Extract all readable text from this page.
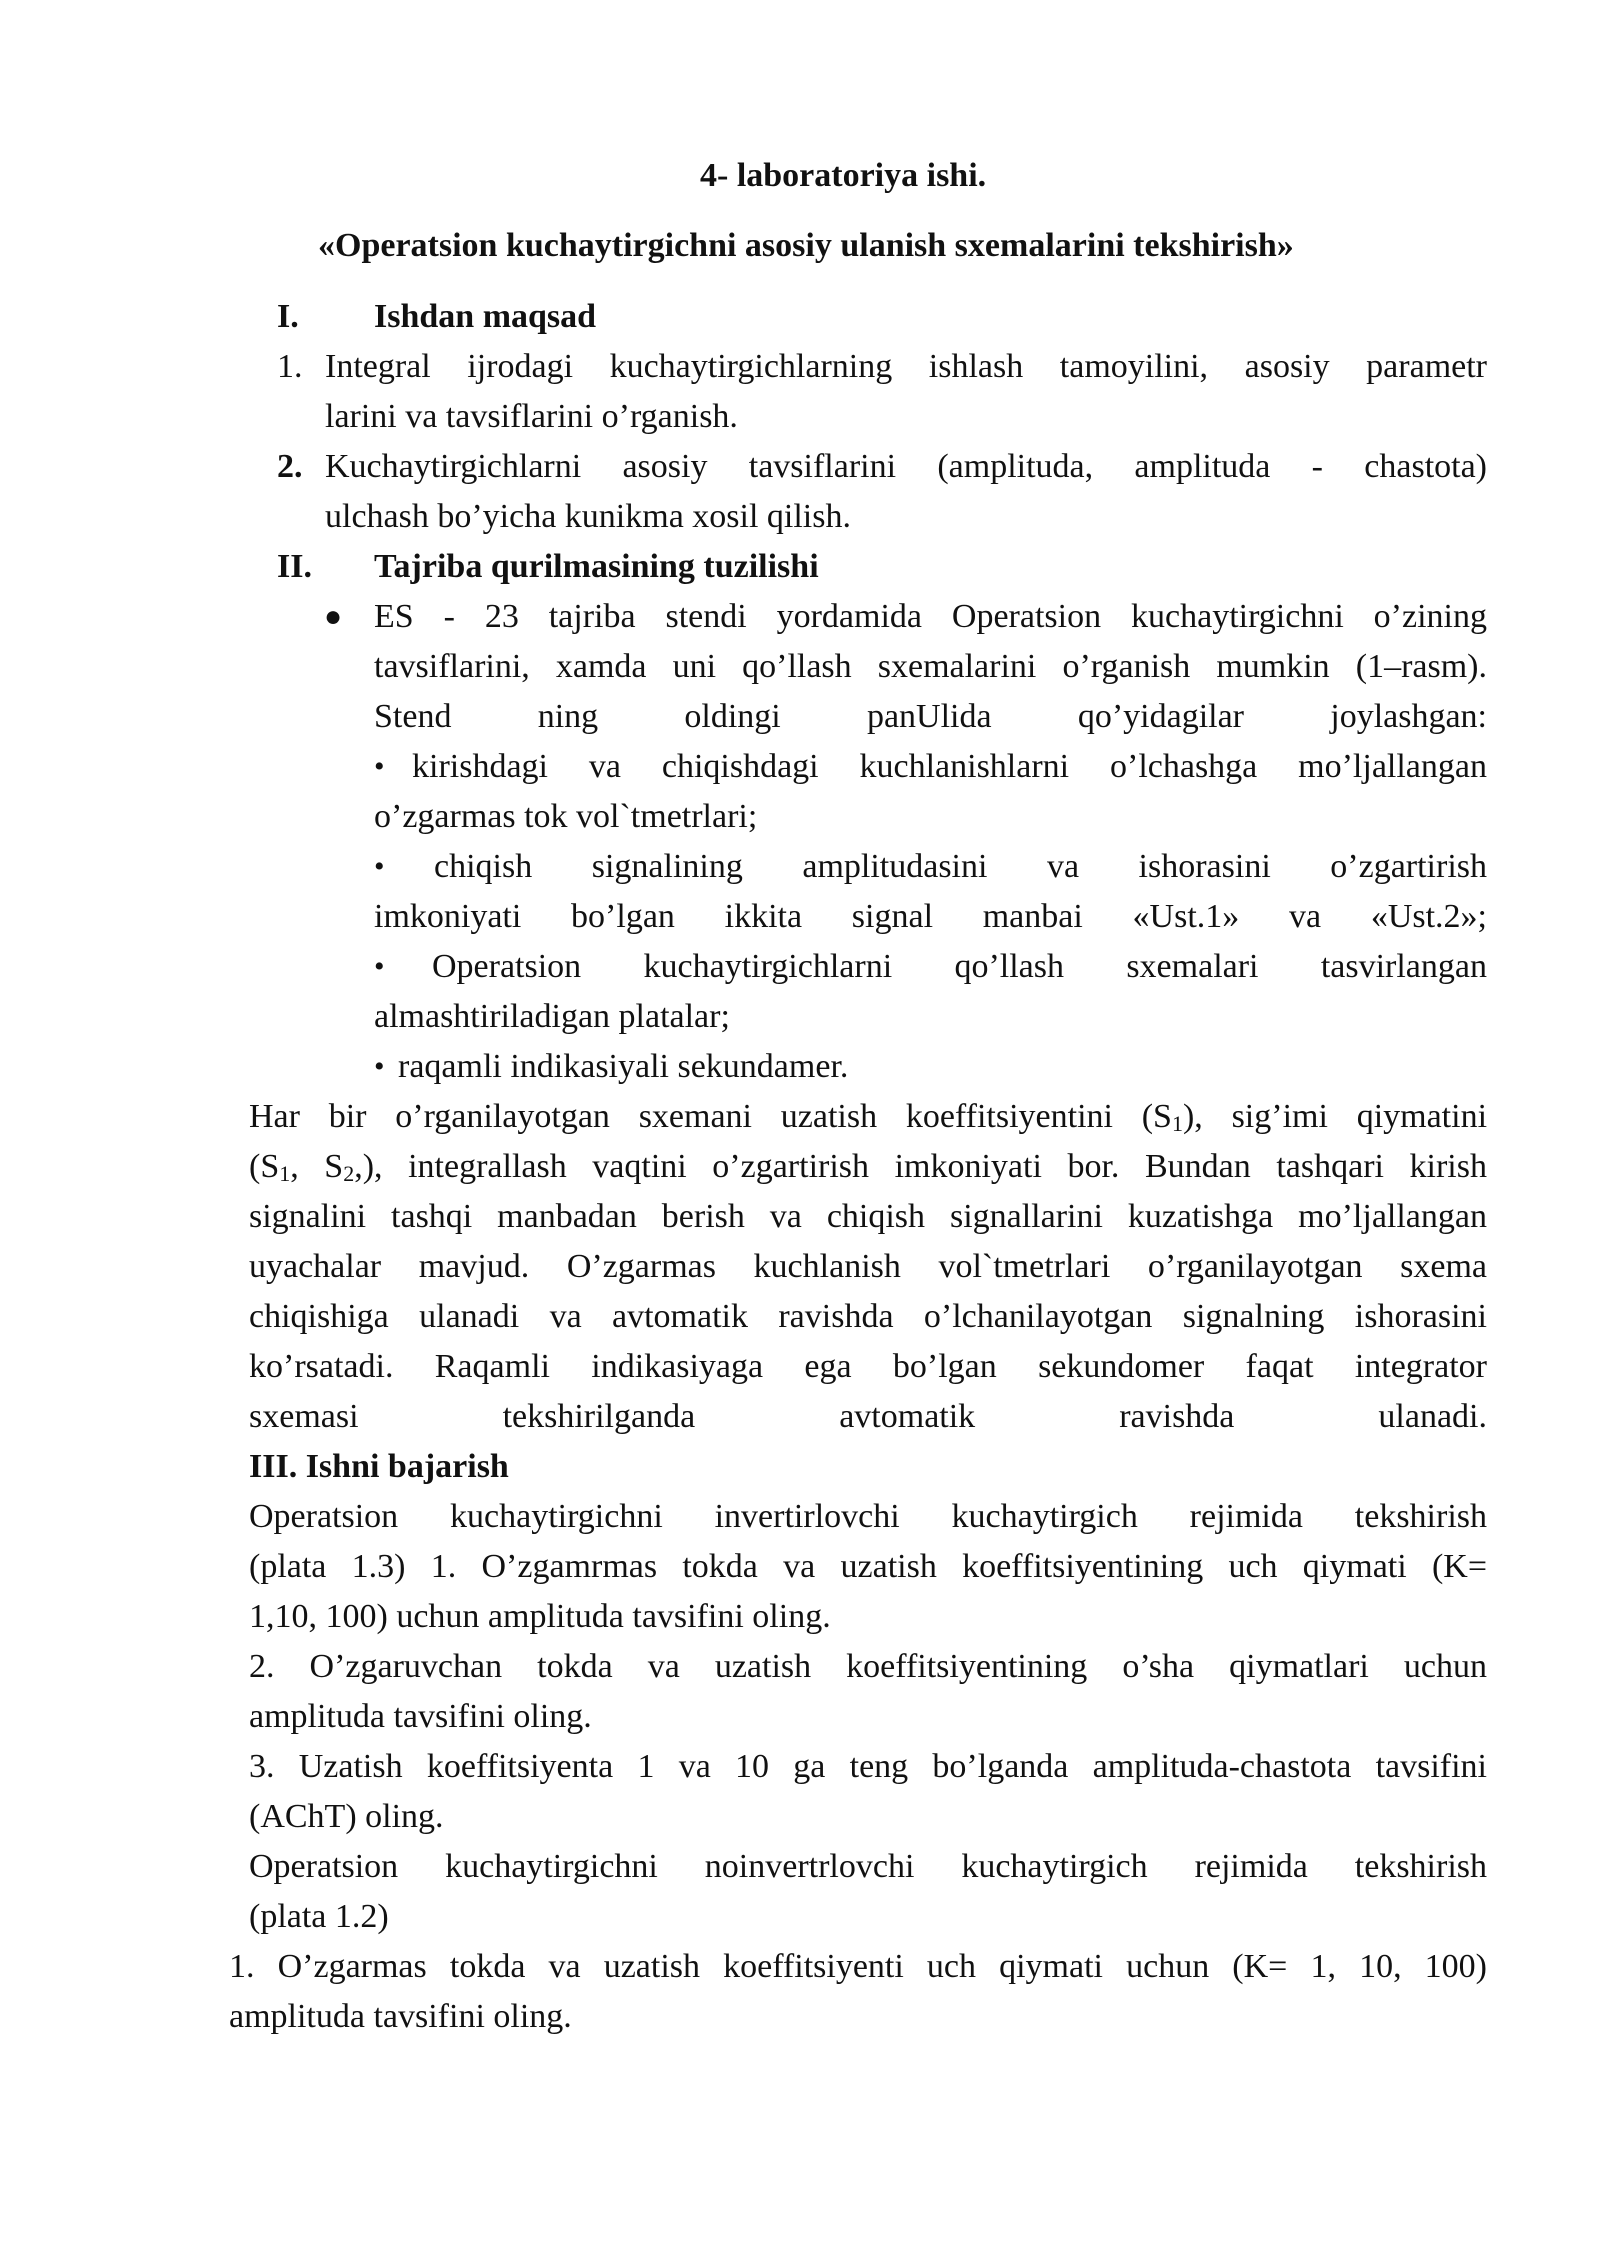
4- laboratoriya ishi.
«Operatsion kuchaytirgichni asosiy ulanish sxemalarini tekshirish»
I. Ishdan maqsad
1. Integral ijrodagi kuchaytirgichlarning ishlash tamoyilini, asosiy parametr
larini va tavsiflarini o’rganish.
2. Kuchaytirgichlarni asosiy tavsiflarini (amplituda, amplituda - chastota)
ulchash bo’yicha kunikma xosil qilish.
II. Tajriba qurilmasining tuzilishi
● ES - 23 tajriba stendi yordamida Operatsion kuchaytirgichni o’zining
tavsiflarini, xamda uni qo’llash sxemalarini o’rganish mumkin (1–rasm).
Stend ning oldingi panUlida qo’yidagilar joylashgan:
• kirishdagi va chiqishdagi kuchlanishlarni o’lchashga mo’ljallangan
o’zgarmas tok vol`tmetrlari;
• chiqish signalining amplitudasini va ishorasini o’zgartirish
imkoniyati bo’lgan ikkita signal manbai «Ust.1» va «Ust.2»;
• Operatsion kuchaytirgichlarni qo’llash sxemalari tasvirlangan
almashtiriladigan platalar;
• raqamli indikasiyali sekundamer.
Har bir o’rganilayotgan sxemani uzatish koeffitsiyentini $(S_1)$, sig’imi qiymatini
($S_1$, $S_2$,), integrallash vaqtini o’zgartirish imkoniyati bor. Bundan tashqari kirish
signalini tashqi manbadan berish va chiqish signallarini kuzatishga mo’ljallangan
uyachalar mavjud. O’zgarmas kuchlanish vol`tmetrlari o’rganilayotgan sxema
chiqishiga ulanadi va avtomatik ravishda o’lchanilayotgan signalning ishorasini
ko’rsatadi. Raqamli indikasiyaga ega bo’lgan sekundomer faqat integrator
sxemasi tekshirilganda avtomatik ravishda ulanadi.
III. Ishni bajarish
Operatsion kuchaytirgichni invertirlovchi kuchaytirgich rejimida tekshirish
(plata 1.3) 1. O’zgamrmas tokda va uzatish koeffitsiyentining uch qiymati (K=
1,10, 100) uchun amplituda tavsifini oling.
2. O’zgaruvchan tokda va uzatish koeffitsiyentining o’sha qiymatlari uchun
amplituda tavsifini oling.
3. Uzatish koeffitsiyenta 1 va 10 ga teng bo’lganda amplituda-chastota tavsifini
(AChT) oling.
Operatsion kuchaytirgichni noinvertrlovchi kuchaytirgich rejimida tekshirish
(plata 1.2)
1. O’zgarmas tokda va uzatish koeffitsiyenti uch qiymati uchun (K= 1, 10, 100)
amplituda tavsifini oling.
